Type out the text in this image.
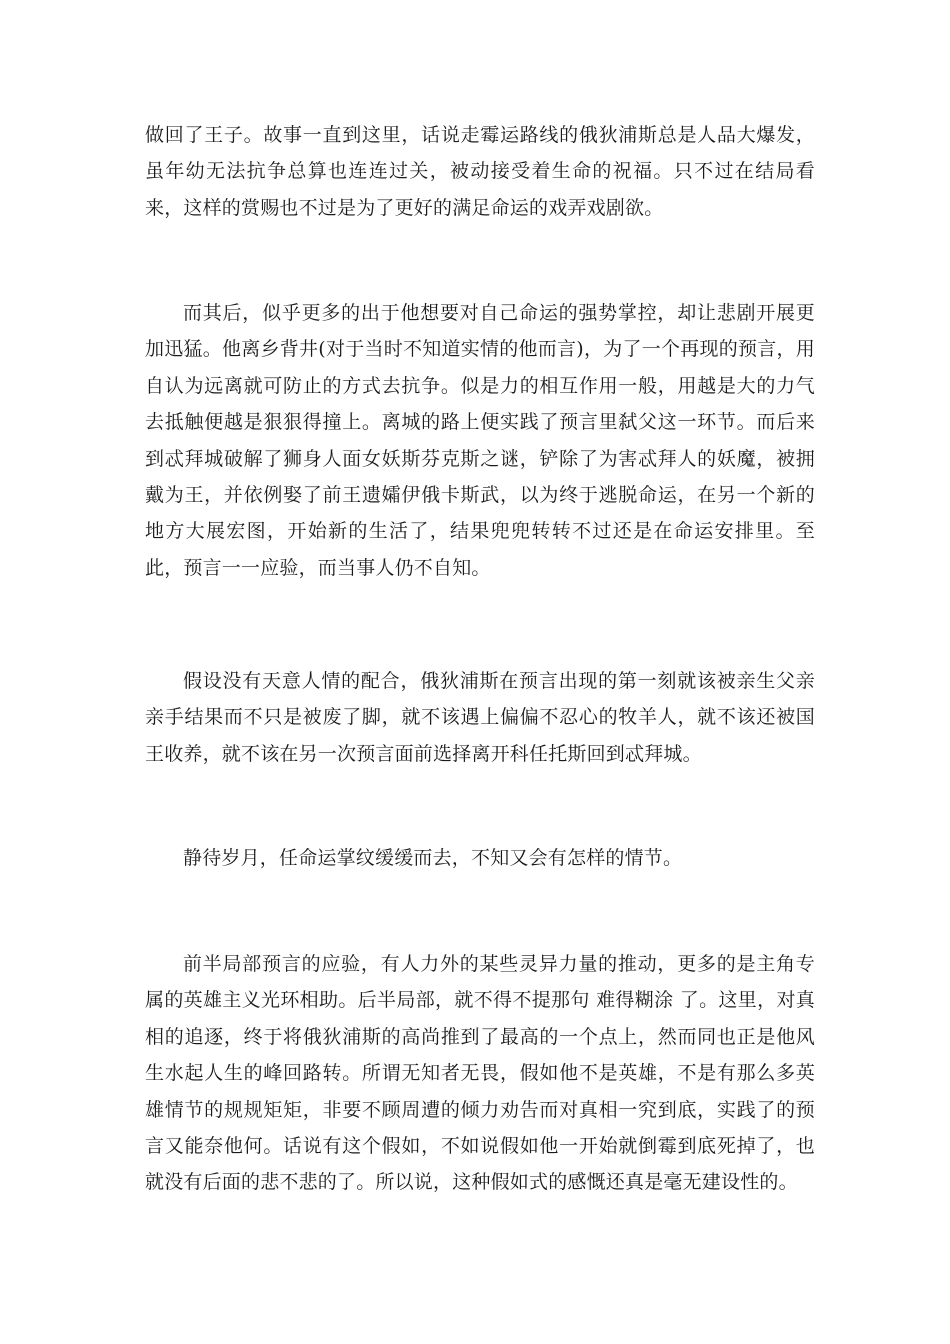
做回了王子。故事一直到这里，话说走霉运路线的俄狄浦斯总是人品大爆发，虽年幼无法抗争总算也连连过关，被动接受着生命的祝福。只不过在结局看来，这样的赏赐也不过是为了更好的满足命运的戏弄戏剧欲。

而其后，似乎更多的出于他想要对自己命运的强势掌控，却让悲剧开展更加迅猛。他离乡背井(对于当时不知道实情的他而言)，为了一个再现的预言，用自认为远离就可防止的方式去抗争。似是力的相互作用一般，用越是大的力气去抵触便越是狠狠得撞上。离城的路上便实践了预言里弑父这一环节。而后来到忒拜城破解了狮身人面女妖斯芬克斯之谜，铲除了为害忒拜人的妖魔，被拥戴为王，并依例娶了前王遗孀伊俄卡斯武，以为终于逃脱命运，在另一个新的地方大展宏图，开始新的生活了，结果兜兜转转不过还是在命运安排里。至此，预言一一应验，而当事人仍不自知。

假设没有天意人情的配合，俄狄浦斯在预言出现的第一刻就该被亲生父亲亲手结果而不只是被废了脚，就不该遇上偏偏不忍心的牧羊人，就不该还被国王收养，就不该在另一次预言面前选择离开科任托斯回到忒拜城。

静待岁月，任命运掌纹缓缓而去，不知又会有怎样的情节。

前半局部预言的应验，有人力外的某些灵异力量的推动，更多的是主角专属的英雄主义光环相助。后半局部，就不得不提那句 难得糊涂 了。这里，对真相的追逐，终于将俄狄浦斯的高尚推到了最高的一个点上，然而同也正是他风生水起人生的峰回路转。所谓无知者无畏，假如他不是英雄，不是有那么多英雄情节的规规矩矩，非要不顾周遭的倾力劝告而对真相一究到底，实践了的预言又能奈他何。话说有这个假如，不如说假如他一开始就倒霉到底死掉了，也就没有后面的悲不悲的了。所以说，这种假如式的感慨还真是毫无建设性的。
